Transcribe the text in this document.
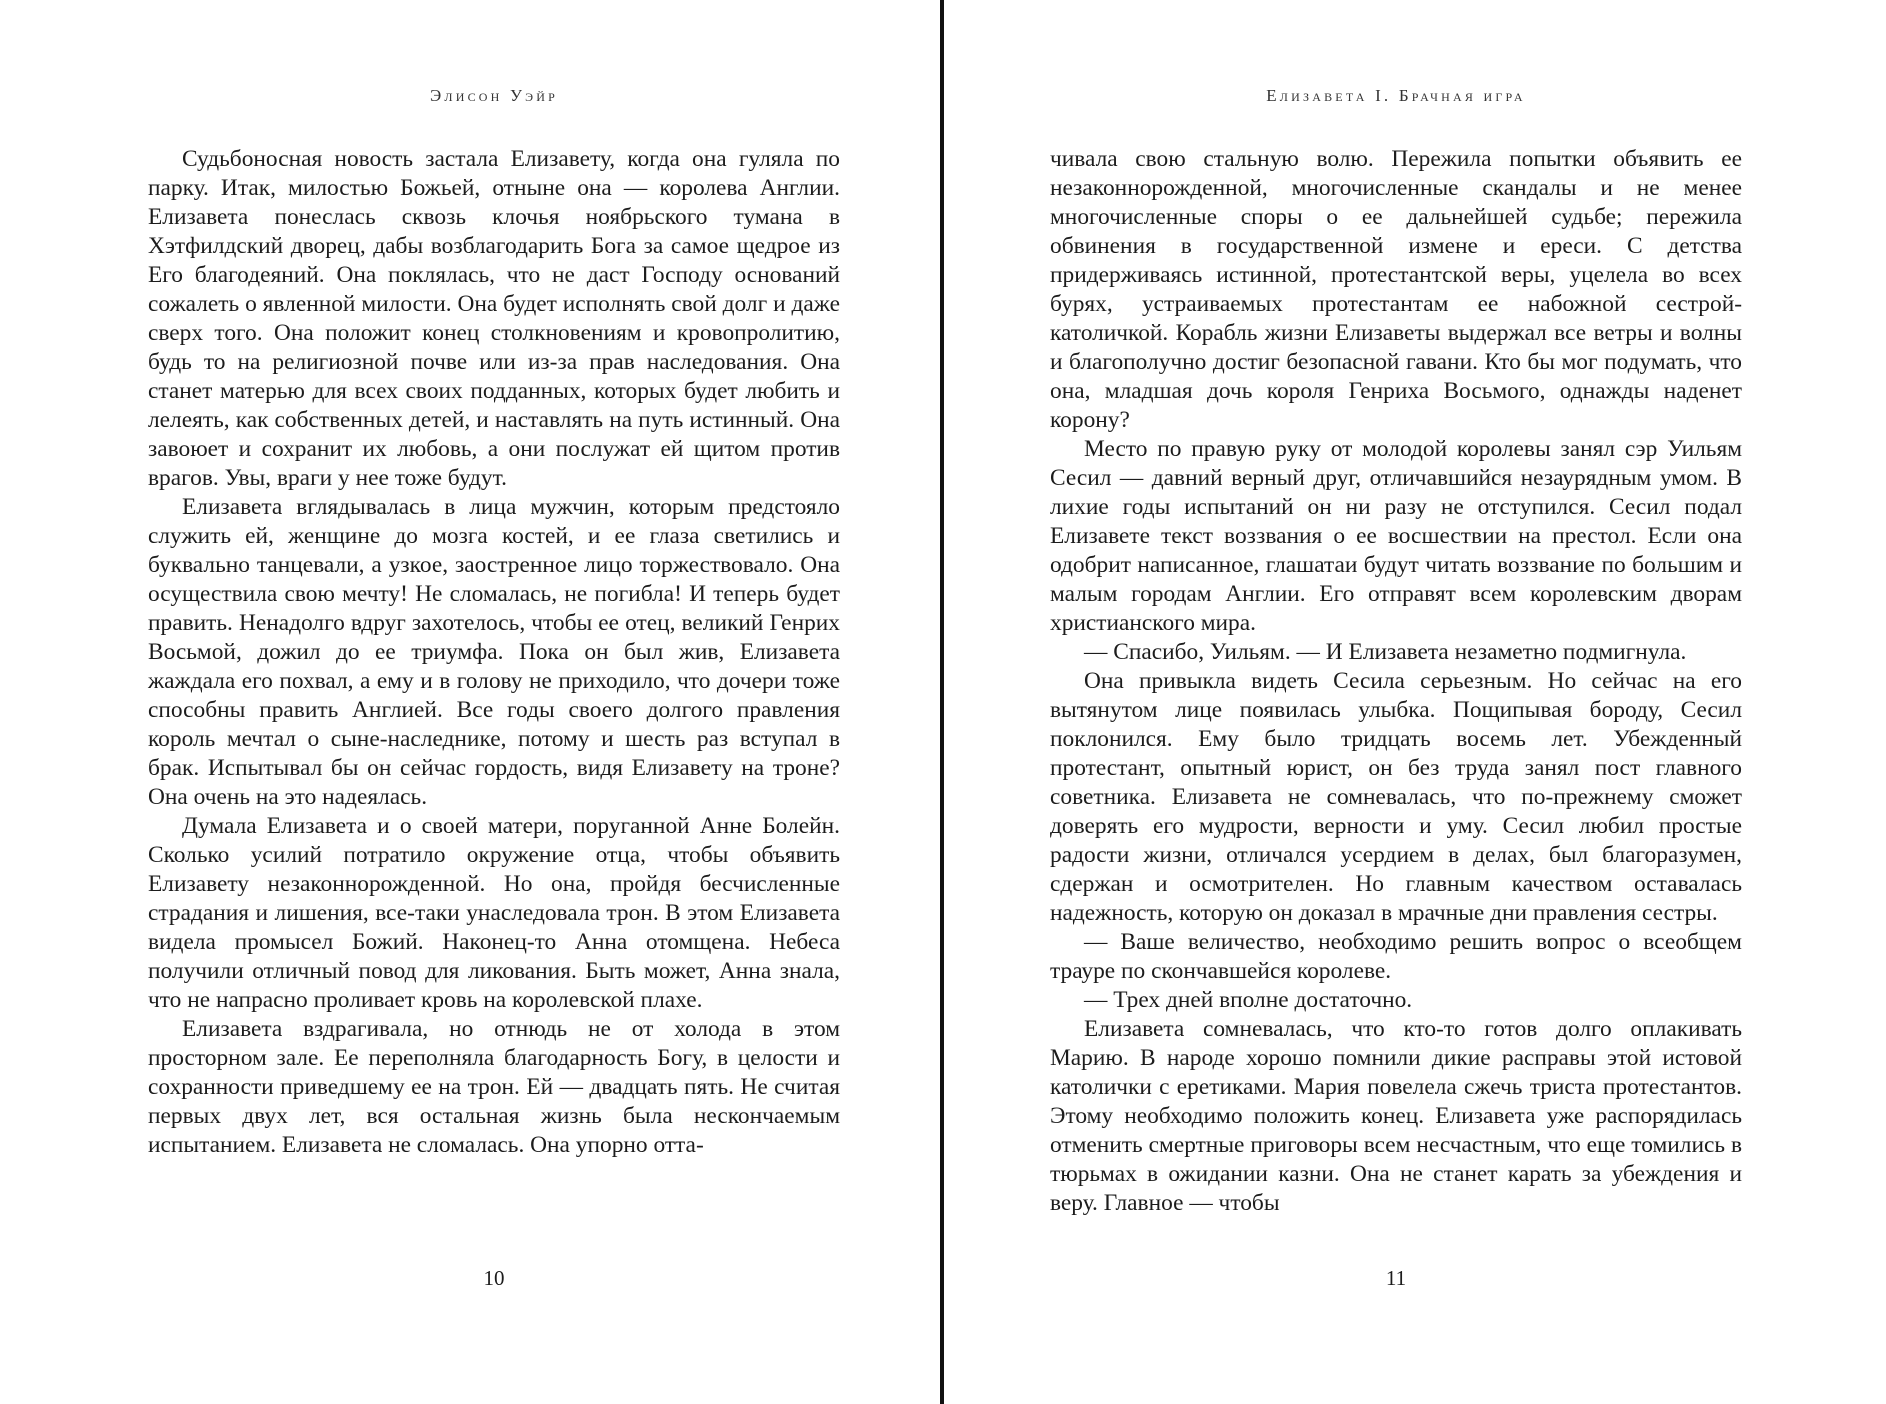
Элисон Уэйр

Судьбоносная новость застала Елизавету, когда она гуляла по парку. Итак, милостью Божьей, отныне она — королева Англии. Елизавета понеслась сквозь клочья ноябрьского тумана в Хэтфилдский дворец, дабы возблагодарить Бога за самое щедрое из Его благодеяний. Она поклялась, что не даст Господу оснований сожалеть о явленной милости. Она будет исполнять свой долг и даже сверх того. Она положит конец столкновениям и кровопролитию, будь то на религиозной почве или из-за прав наследования. Она станет матерью для всех своих подданных, которых будет любить и лелеять, как собственных детей, и наставлять на путь истинный. Она завоюет и сохранит их любовь, а они послужат ей щитом против врагов. Увы, враги у нее тоже будут.

Елизавета вглядывалась в лица мужчин, которым предстояло служить ей, женщине до мозга костей, и ее глаза светились и буквально танцевали, а узкое, заостренное лицо торжествовало. Она осуществила свою мечту! Не сломалась, не погибла! И теперь будет править. Ненадолго вдруг захотелось, чтобы ее отец, великий Генрих Восьмой, дожил до ее триумфа. Пока он был жив, Елизавета жаждала его похвал, а ему и в голову не приходило, что дочери тоже способны править Англией. Все годы своего долгого правления король мечтал о сыне-наследнике, потому и шесть раз вступал в брак. Испытывал бы он сейчас гордость, видя Елизавету на троне? Она очень на это надеялась.

Думала Елизавета и о своей матери, поруганной Анне Болейн. Сколько усилий потратило окружение отца, чтобы объявить Елизавету незаконнорожденной. Но она, пройдя бесчисленные страдания и лишения, все-таки унаследовала трон. В этом Елизавета видела промысел Божий. Наконец-то Анна отомщена. Небеса получили отличный повод для ликования. Быть может, Анна знала, что не напрасно проливает кровь на королевской плахе.

Елизавета вздрагивала, но отнюдь не от холода в этом просторном зале. Ее переполняла благодарность Богу, в целости и сохранности приведшему ее на трон. Ей — двадцать пять. Не считая первых двух лет, вся остальная жизнь была нескончаемым испытанием. Елизавета не сломалась. Она упорно отта-

10
Елизавета I. Брачная игра

чивала свою стальную волю. Пережила попытки объявить ее незаконнорожденной, многочисленные скандалы и не менее многочисленные споры о ее дальнейшей судьбе; пережила обвинения в государственной измене и ереси. С детства придерживаясь истинной, протестантской веры, уцелела во всех бурях, устраиваемых протестантам ее набожной сестрой-католичкой. Корабль жизни Елизаветы выдержал все ветры и волны и благополучно достиг безопасной гавани. Кто бы мог подумать, что она, младшая дочь короля Генриха Восьмого, однажды наденет корону?

Место по правую руку от молодой королевы занял сэр Уильям Сесил — давний верный друг, отличавшийся незаурядным умом. В лихие годы испытаний он ни разу не отступился. Сесил подал Елизавете текст воззвания о ее восшествии на престол. Если она одобрит написанное, глашатаи будут читать воззвание по большим и малым городам Англии. Его отправят всем королевским дворам христианского мира.

— Спасибо, Уильям. — И Елизавета незаметно подмигнула.

Она привыкла видеть Сесила серьезным. Но сейчас на его вытянутом лице появилась улыбка. Пощипывая бороду, Сесил поклонился. Ему было тридцать восемь лет. Убежденный протестант, опытный юрист, он без труда занял пост главного советника. Елизавета не сомневалась, что по-прежнему сможет доверять его мудрости, верности и уму. Сесил любил простые радости жизни, отличался усердием в делах, был благоразумен, сдержан и осмотрителен. Но главным качеством оставалась надежность, которую он доказал в мрачные дни правления сестры.

— Ваше величество, необходимо решить вопрос о всеобщем трауре по скончавшейся королеве.

— Трех дней вполне достаточно.

Елизавета сомневалась, что кто-то готов долго оплакивать Марию. В народе хорошо помнили дикие расправы этой истовой католички с еретиками. Мария повелела сжечь триста протестантов. Этому необходимо положить конец. Елизавета уже распорядилась отменить смертные приговоры всем несчастным, что еще томились в тюрьмах в ожидании казни. Она не станет карать за убеждения и веру. Главное — чтобы

11
